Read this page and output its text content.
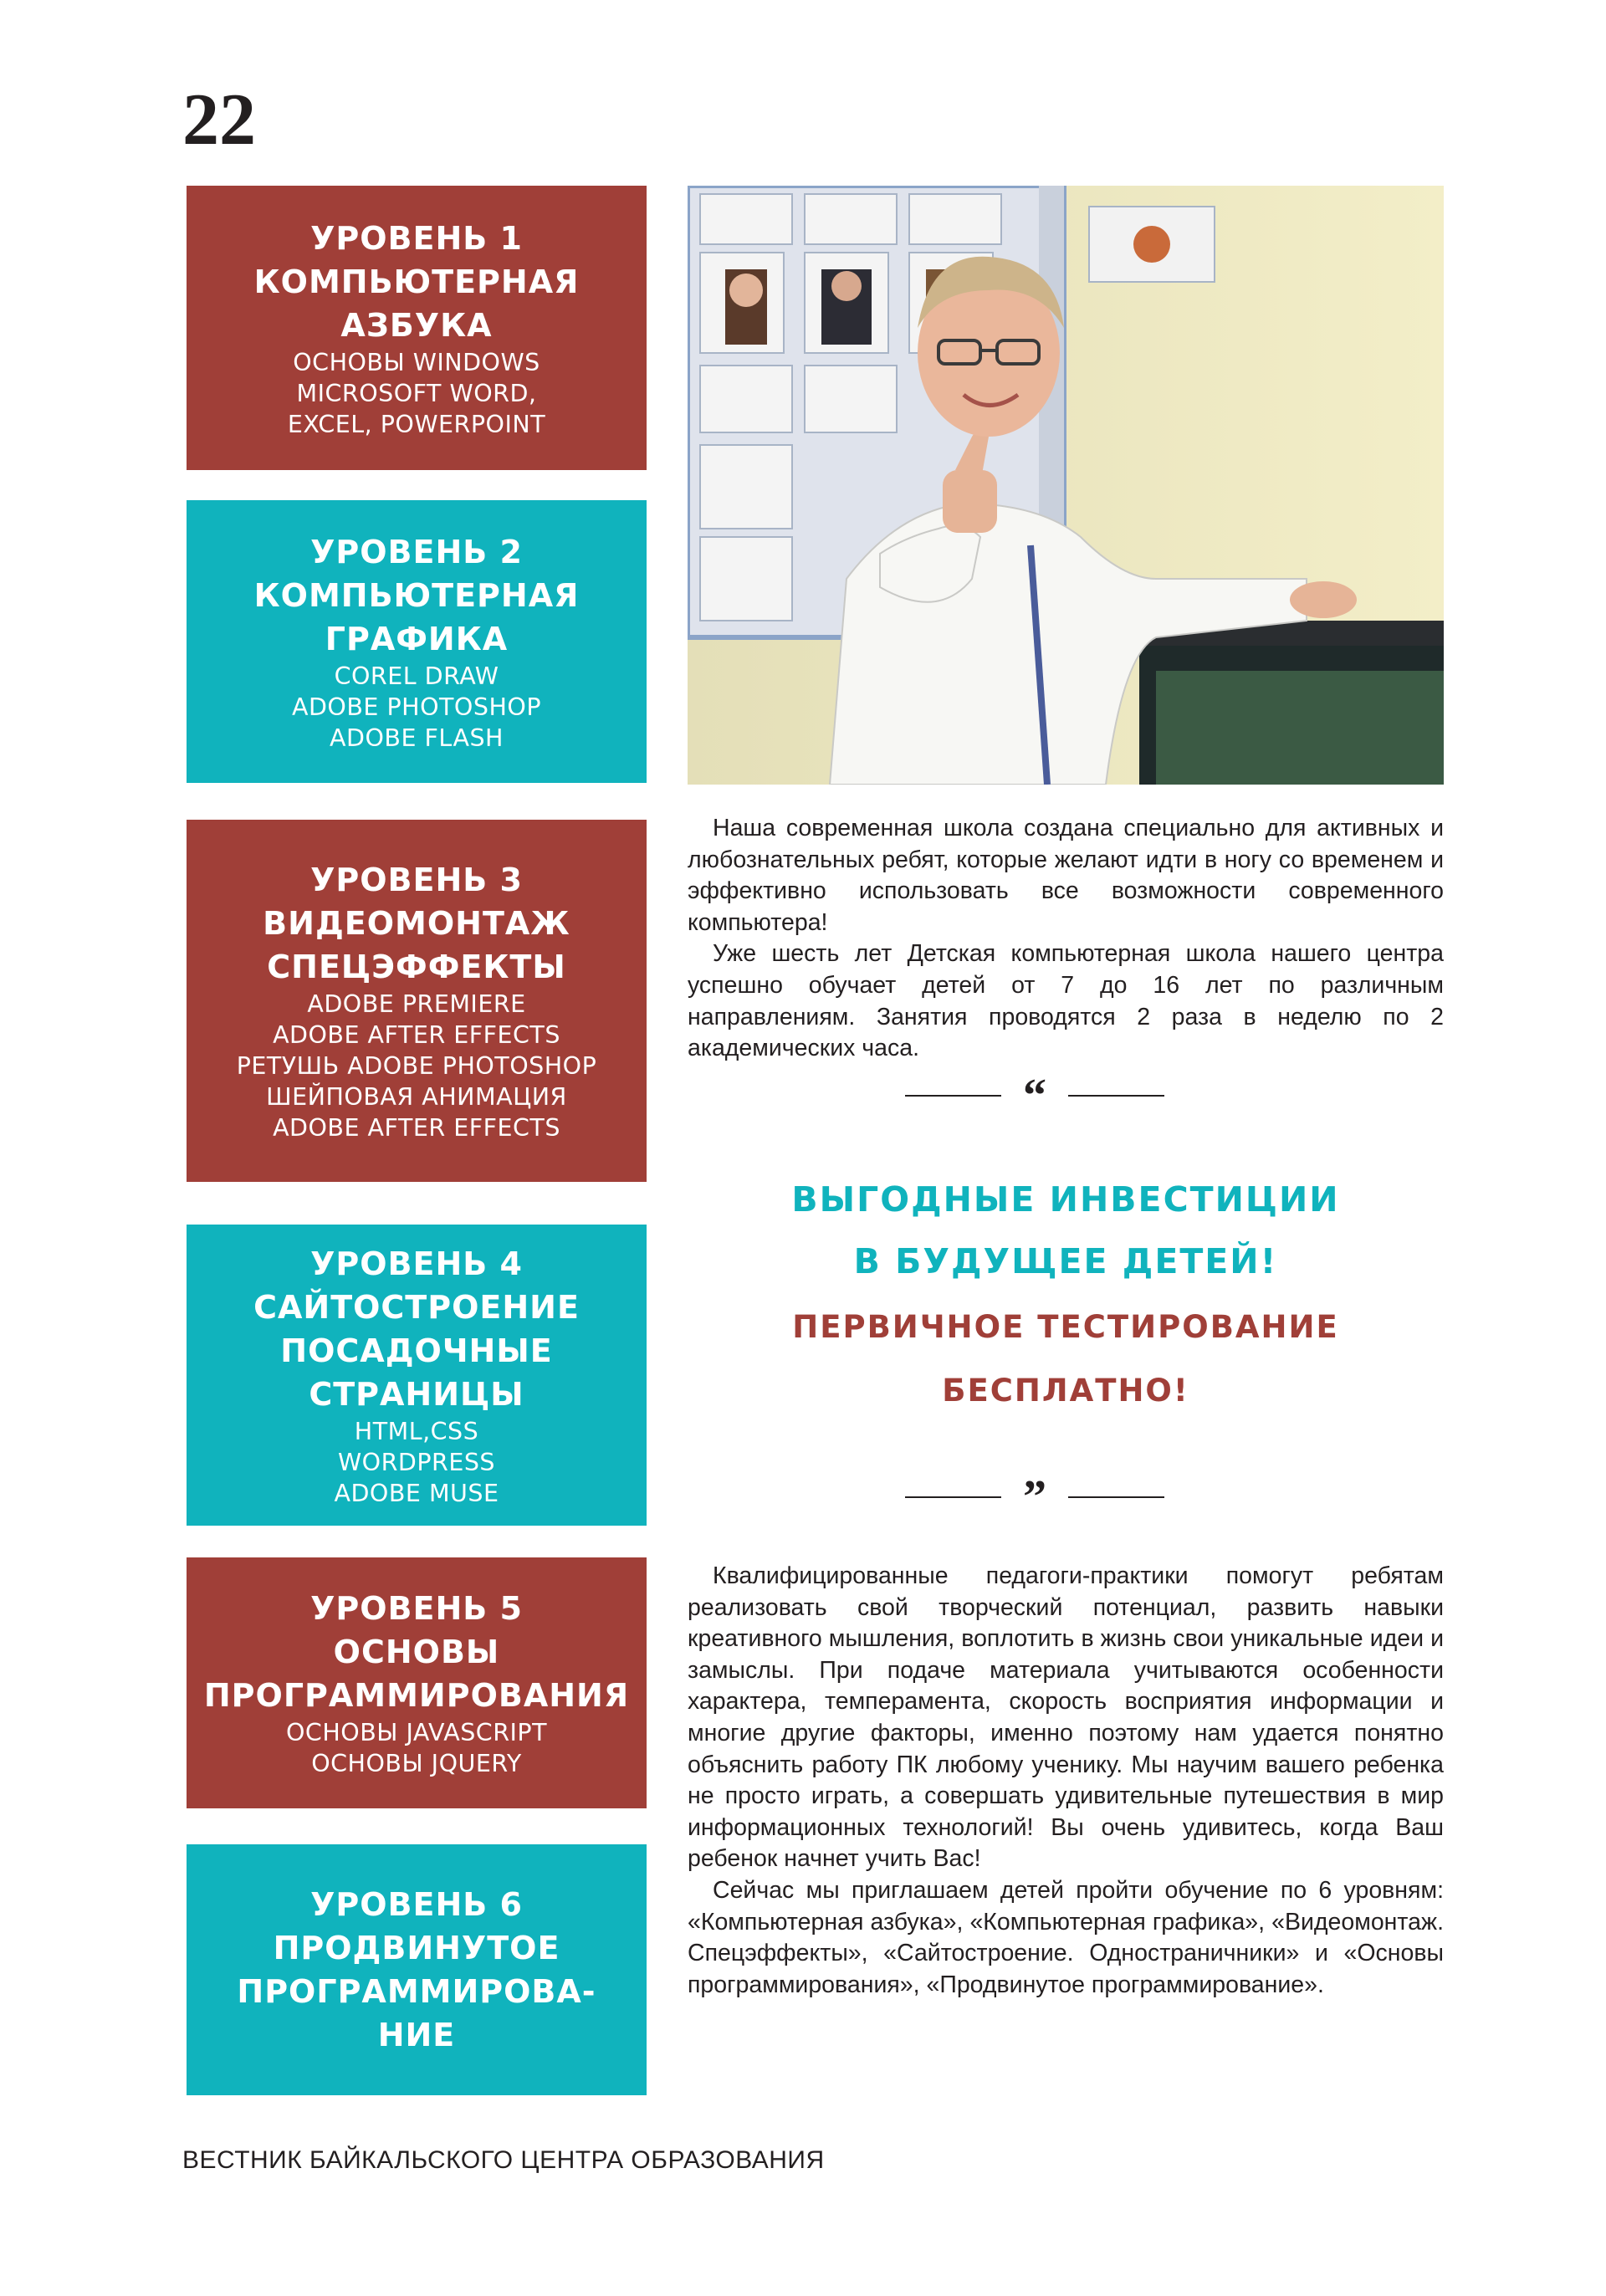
22
УРОВЕНЬ 1
КОМПЬЮТЕРНАЯ
АЗБУКА
ОСНОВЫ WINDOWS
MICROSOFT WORD,
EXCEL, POWERPOINT
УРОВЕНЬ 2
КОМПЬЮТЕРНАЯ
ГРАФИКА
COREL DRAW
ADOBE PHOTOSHOP
ADOBE FLASH
УРОВЕНЬ 3
ВИДЕОМОНТАЖ
СПЕЦЭФФЕКТЫ
ADOBE PREMIERE
ADOBE AFTER EFFECTS
РЕТУШЬ ADOBE PHOTOSHOP
ШЕЙПОВАЯ АНИМАЦИЯ
ADOBE AFTER EFFECTS
УРОВЕНЬ 4
САЙТОСТРОЕНИЕ
ПОСАДОЧНЫЕ
СТРАНИЦЫ
HTML,CSS
WORDPRESS
ADOBE MUSE
УРОВЕНЬ 5
ОСНОВЫ
ПРОГРАММИРОВАНИЯ
ОСНОВЫ JAVASCRIPT
ОСНОВЫ JQUERY
УРОВЕНЬ 6
ПРОДВИНУТОЕ
ПРОГРАММИРОВА-
НИЕ

Наша современная школа создана специально для активных и любознательных ребят, которые желают идти в ногу со временем и эффективно использовать все возможности современного компьютера!

Уже шесть лет Детская компьютерная школа нашего центра успешно обучает детей от 7 до 16 лет по различным направлениям. Занятия проводятся 2 раза в неделю по 2 академических часа.

“
ВЫГОДНЫЕ ИНВЕСТИЦИИ
В БУДУЩЕЕ ДЕТЕЙ!
ПЕРВИЧНОЕ ТЕСТИРОВАНИЕ
БЕСПЛАТНО!
”

Квалифицированные педагоги-практики помогут ребятам реализовать свой творческий потенциал, развить навыки креативного мышления, воплотить в жизнь свои уникальные идеи и замыслы. При подаче материала учитываются особенности характера, темперамента, скорость восприятия информации и многие другие факторы, именно поэтому нам удается понятно объяснить работу ПК любому ученику. Мы научим вашего ребенка не просто играть, а совершать удивительные путешествия в мир информационных технологий! Вы очень удивитесь, когда Ваш ребенок начнет учить Вас!

Сейчас мы приглашаем детей пройти обучение по 6 уровням: «Компьютерная азбука», «Компьютерная графика», «Видеомонтаж. Спецэффекты», «Сайтостроение. Одностраничники» и «Основы программирования», «Продвинутое программирование».

ВЕСТНИК БАЙКАЛЬСКОГО ЦЕНТРА ОБРАЗОВАНИЯ
